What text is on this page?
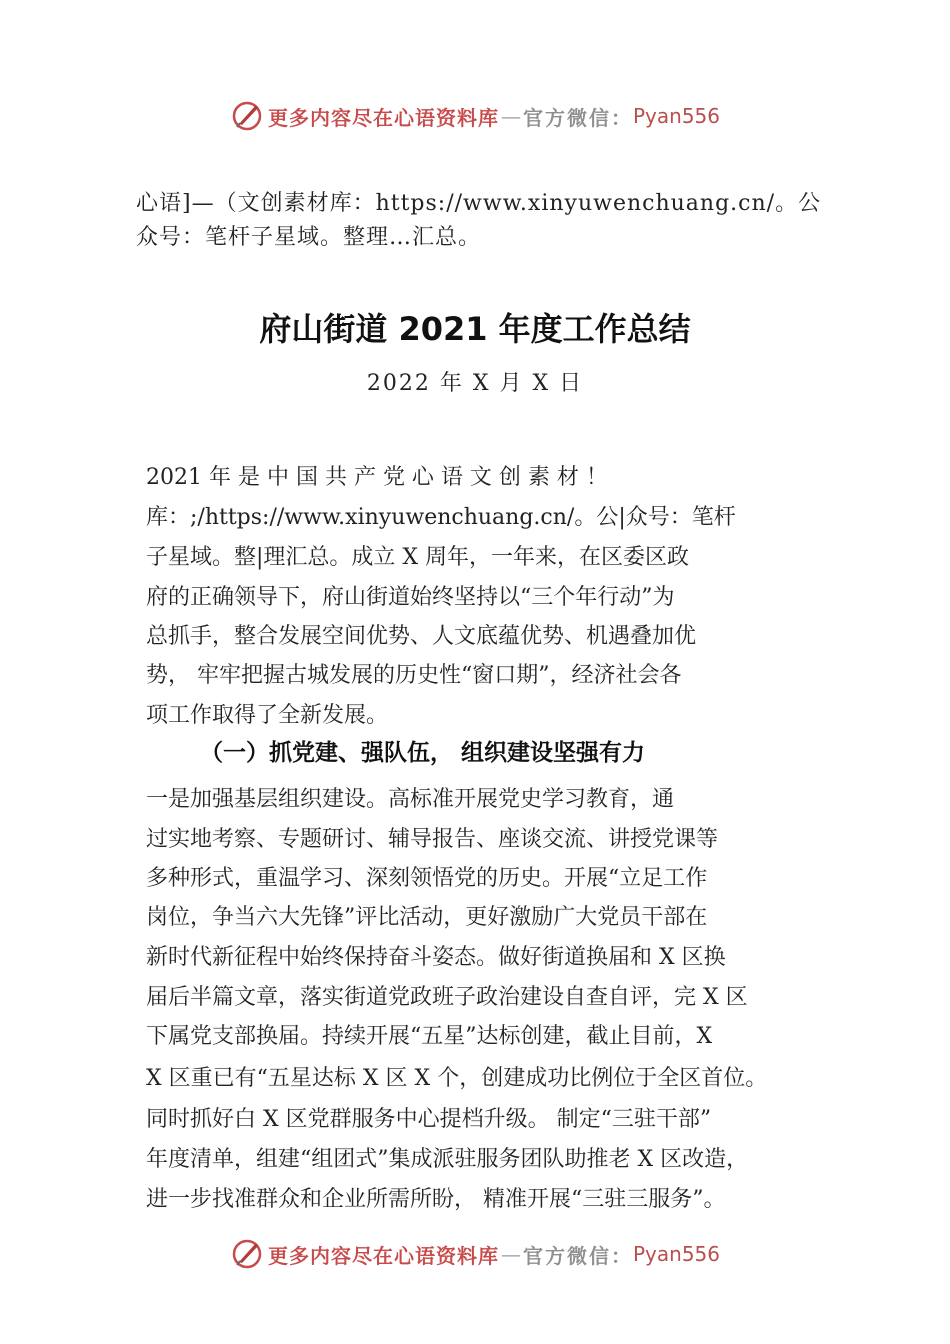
更多内容尽在心语资料库 — 官方微信： Pyan556
心语]—（文创素材库：https://www.xinyuwenchuang.cn/。公
众号：笔杆子星域。整理…汇总。
府山街道 2021 年度工作总结
2022 年 X 月 X 日
2021 年 是 中 国 共 产 党 心 语 文 创 素 材 ！
库：;/https://www.xinyuwenchuang.cn/。公|众号：笔杆
子星域。整|理汇总。成立 X 周年，一年来，在区委区政
府的正确领导下，府山街道始终坚持以“三个年行动”为
总抓手，整合发展空间优势、人文底蕴优势、机遇叠加优
势， 牢牢把握古城发展的历史性“窗口期”，经济社会各
项工作取得了全新发展。
（一）抓党建、强队伍， 组织建设坚强有力
一是加强基层组织建设。高标准开展党史学习教育，通
过实地考察、专题研讨、辅导报告、座谈交流、讲授党课等
多种形式，重温学习、深刻领悟党的历史。开展“立足工作
岗位，争当六大先锋”评比活动，更好激励广大党员干部在
新时代新征程中始终保持奋斗姿态。做好街道换届和 X 区换
届后半篇文章，落实街道党政班子政治建设自查自评，完 X 区
下属党支部换届。持续开展“五星”达标创建，截止目前，X
X 区重已有“五星达标 X 区 X 个，创建成功比例位于全区首位。
同时抓好白 X 区党群服务中心提档升级。 制定“三驻干部”
年度清单，组建“组团式”集成派驻服务团队助推老 X 区改造，
进一步找准群众和企业所需所盼， 精准开展“三驻三服务”。
更多内容尽在心语资料库 — 官方微信： Pyan556
